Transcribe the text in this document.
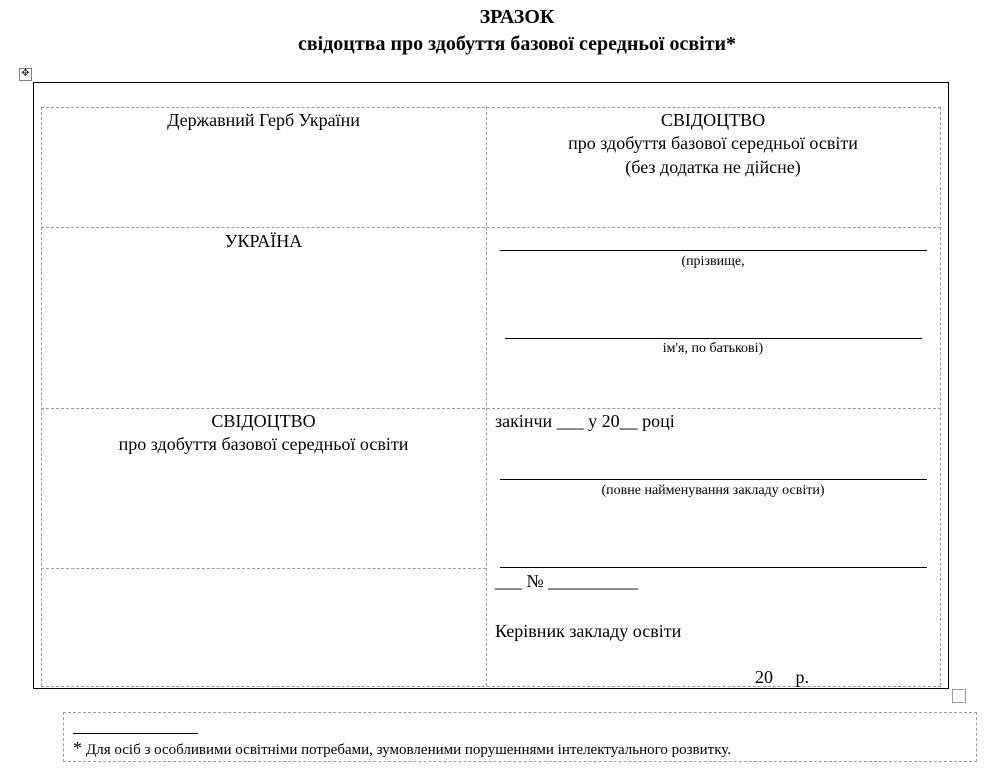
ЗРАЗОК
свідоцтва про здобуття базової середньої освіти*
✥
Державний Герб України	СВІДОЦТВО
про здобуття базової середньої освіти
(без додатка не дійсне)
УКРАЇНА
(прізвище,
ім'я, по батькові)
СВІДОЦТВО
про здобуття базової середньої освіти
закінчи ___ у 20__ році
(повне найменування закладу освіти)
___ № __________
Керівник закладу освіти
20     р.
* Для осіб з особливими освітніми потребами, зумовленими порушеннями інтелектуального розвитку.
